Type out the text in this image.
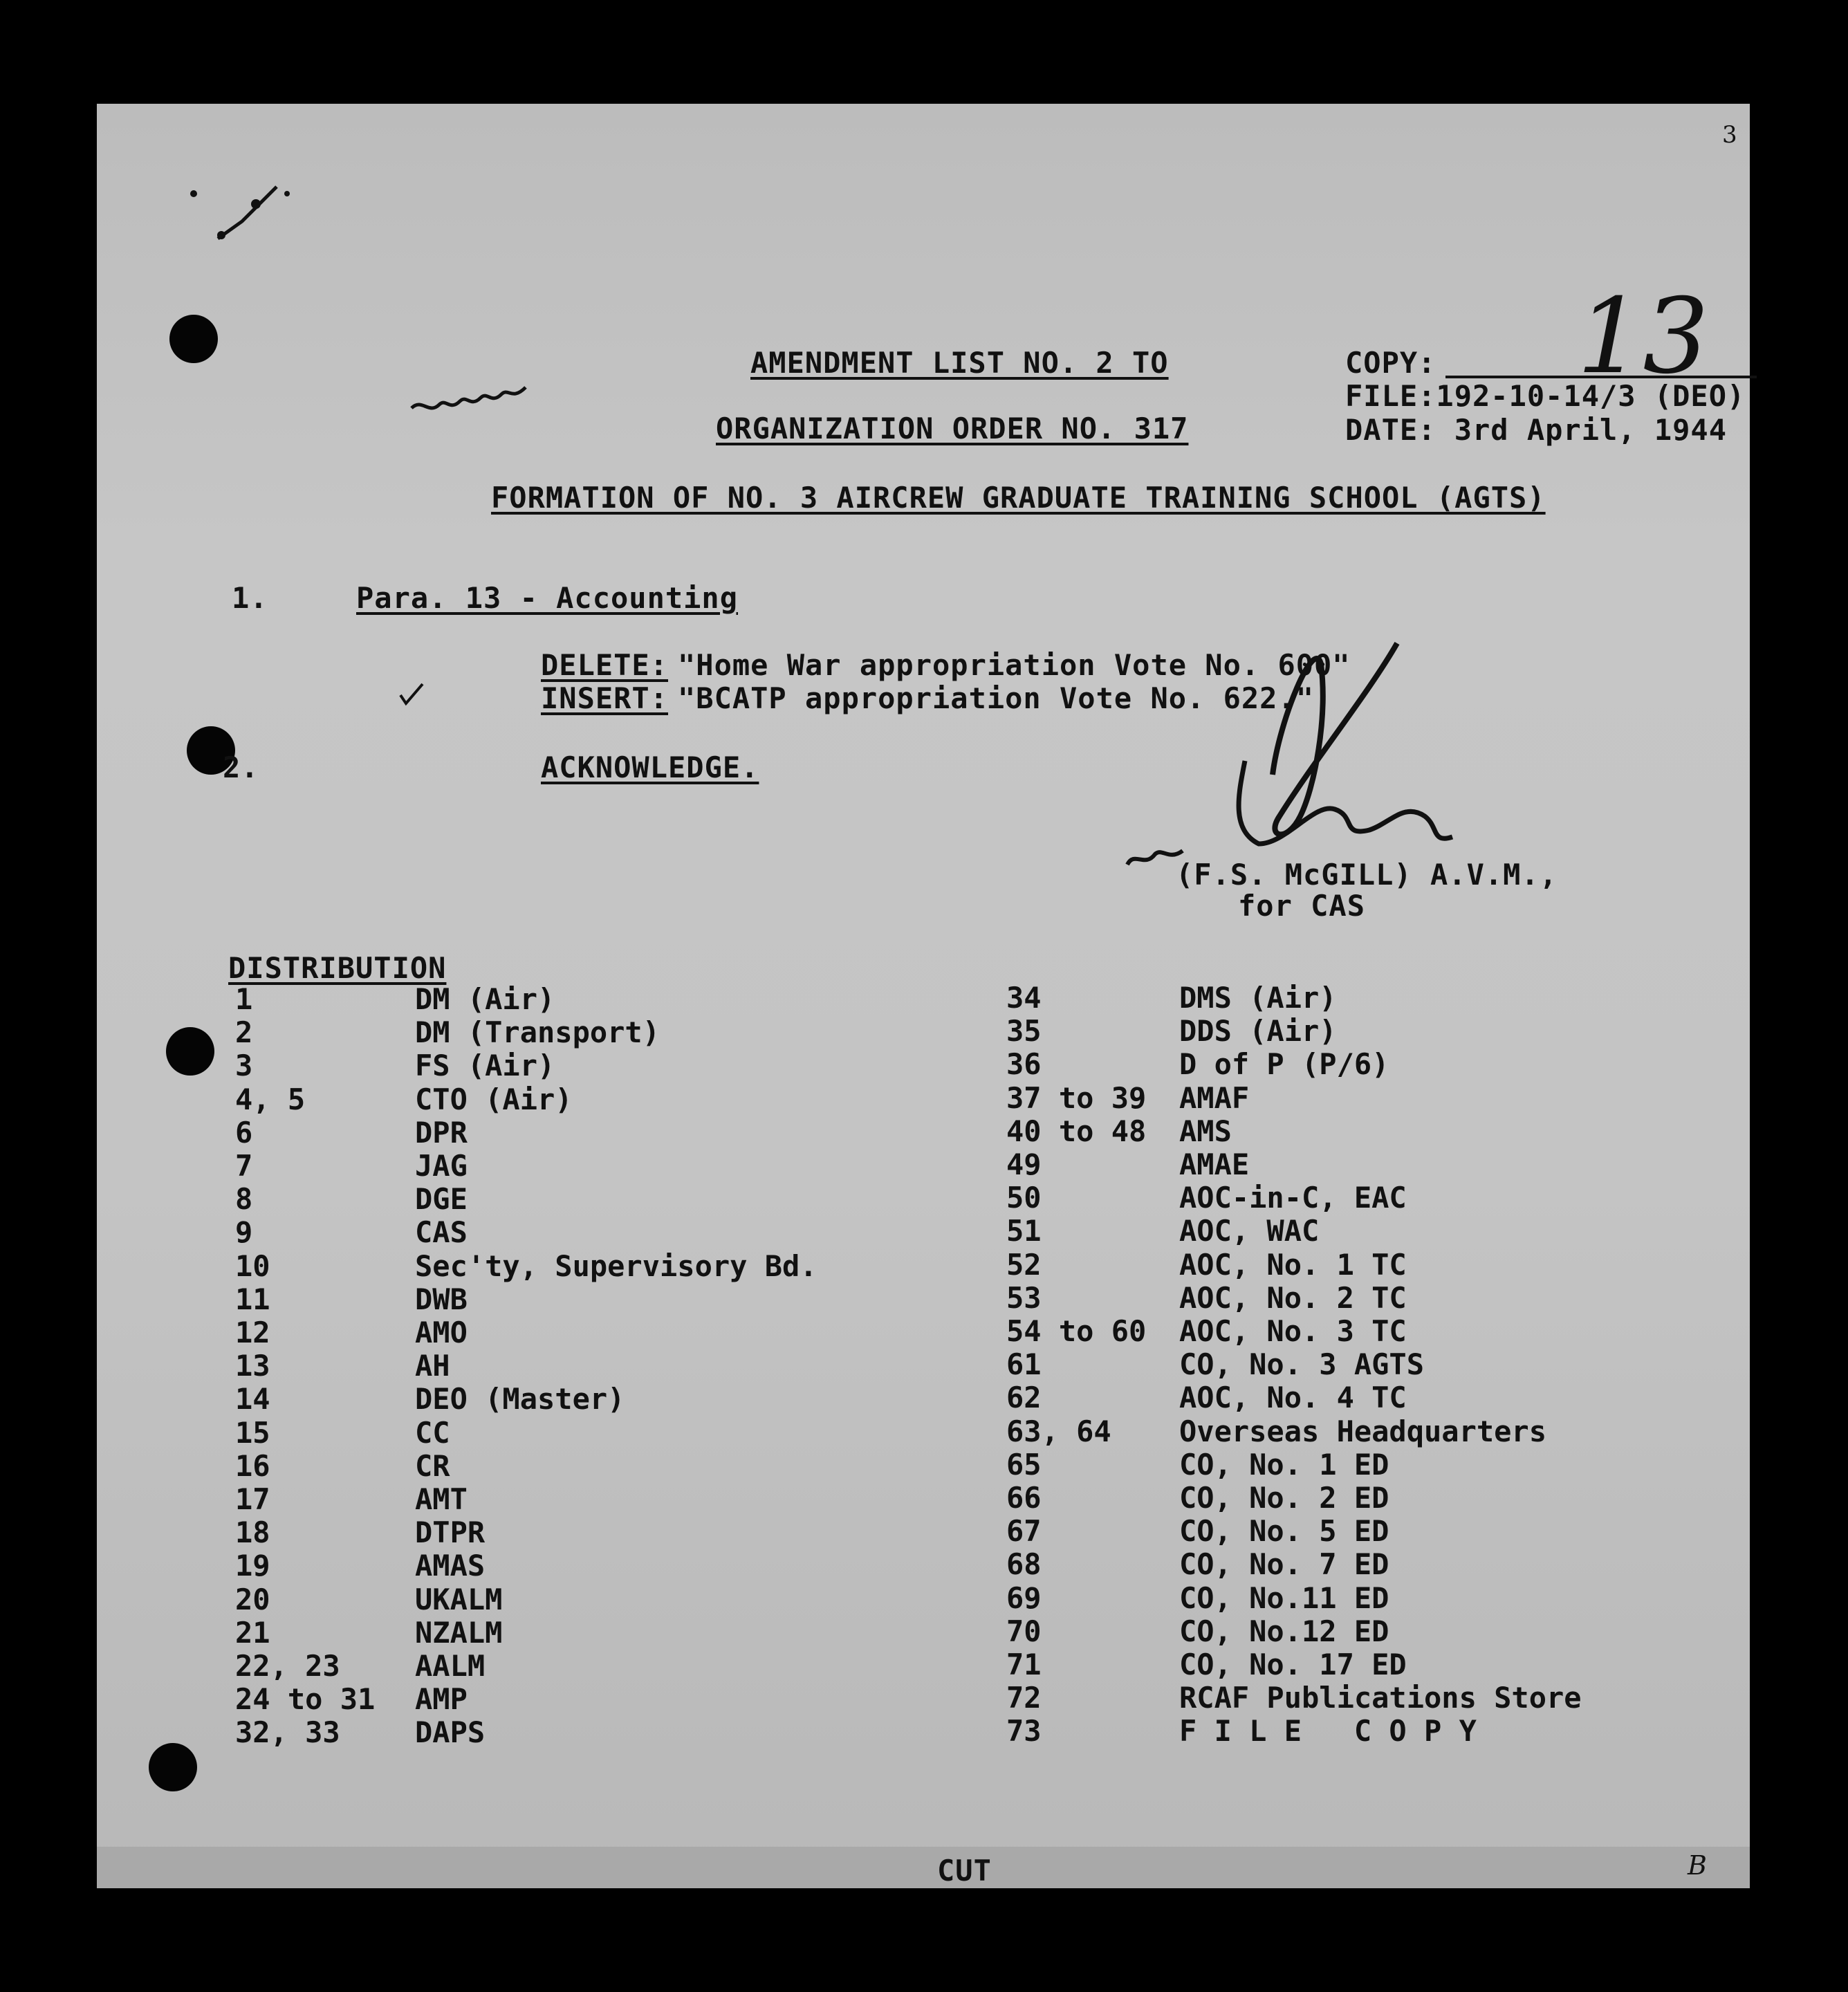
AMENDMENT LIST NO. 2 TO
ORGANIZATION ORDER NO. 317
FORMATION OF NO. 3 AIRCREW GRADUATE TRAINING SCHOOL (AGTS)
COPY: 13
FILE:192-10-14/3 (DEO)
DATE: 3rd April, 1944
1.	Para. 13 - Accounting
DELETE: "Home War appropriation Vote No. 600"
INSERT: "BCATP appropriation Vote No. 622."
2.	ACKNOWLEDGE.
(F.S. McGILL) A.V.M.,
for CAS
DISTRIBUTION
1	DM (Air)
2	DM (Transport)
3	FS (Air)
4, 5	CTO (Air)
6	DPR
7	JAG
8	DGE
9	CAS
10	Sec'ty, Supervisory Bd.
11	DWB
12	AMO
13	AH
14	DEO (Master)
15	CC
16	CR
17	AMT
18	DTPR
19	AMAS
20	UKALM
21	NZALM
22, 23	AALM
24 to 31 AMP
32, 33	DAPS
34	DMS (Air)
35	DDS (Air)
36	D of P (P/6)
37 to 39 AMAF
40 to 48 AMS
49	AMAE
50	AOC-in-C, EAC
51	AOC, WAC
52	AOC, No. 1 TC
53	AOC, No. 2 TC
54 to 60 AOC, No. 3 TC
61	CO, No. 3 AGTS
62	AOC, No. 4 TC
63, 64 Overseas Headquarters
65	CO, No. 1 ED
66	CO, No. 2 ED
67	CO, No. 5 ED
68	CO, No. 7 ED
69	CO, No.11 ED
70	CO, No.12 ED
71	CO, No. 17 ED
72	RCAF Publications Store
73	F I L E   C O P Y
CUT
3
B
